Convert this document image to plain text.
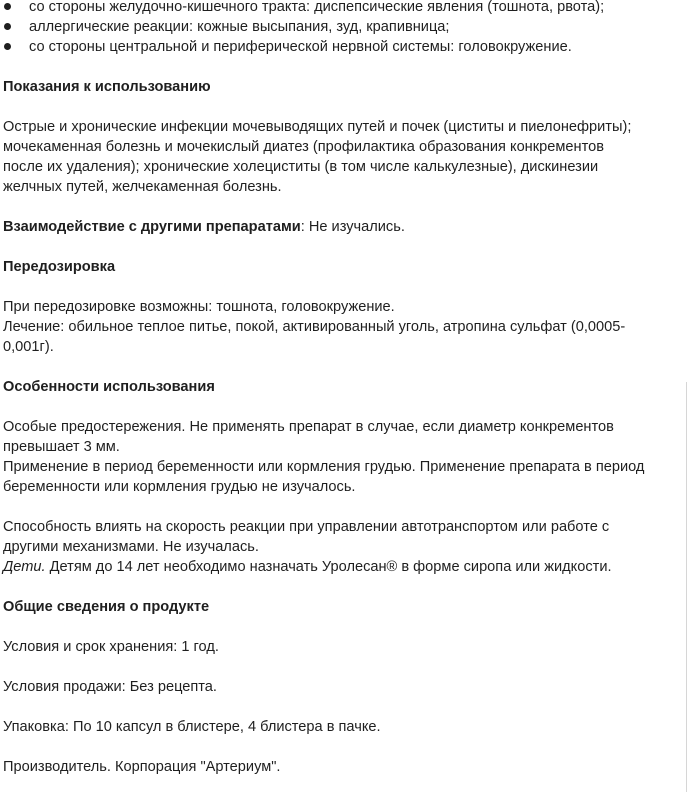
со стороны желудочно-кишечного тракта: диспепсические явления (тошнота, рвота);
аллергические реакции: кожные высыпания, зуд, крапивница;
со стороны центральной и периферической нервной системы: головокружение.
Показания к использованию

Острые и хронические инфекции мочевыводящих путей и почек (циститы и пиелонефриты);
мочекаменная болезнь и мочекислый диатез (профилактика образования конкрементов
после их удаления); хронические холециститы (в том числе калькулезные), дискинезии
желчных путей, желчекаменная болезнь.

Взаимодействие с другими препаратами: Не изучались.

Передозировка

При передозировке возможны: тошнота, головокружение.
Лечение: обильное теплое питье, покой, активированный уголь, атропина сульфат (0,0005-
0,001г).

Особенности использования

Особые предостережения. Не применять препарат в случае, если диаметр конкрементов
превышает 3 мм.
Применение в период беременности или кормления грудью. Применение препарата в период
беременности или кормления грудью не изучалось.

Способность влиять на скорость реакции при управлении автотранспортом или работе с
другими механизмами. Не изучалась.
Дети. Детям до 14 лет необходимо назначать Уролесан® в форме сиропа или жидкости.

Общие сведения о продукте

Условия и срок хранения: 1 год.

Условия продажи: Без рецепта.

Упаковка: По 10 капсул в блистере, 4 блистера в пачке.

Производитель. Корпорация "Артериум".
